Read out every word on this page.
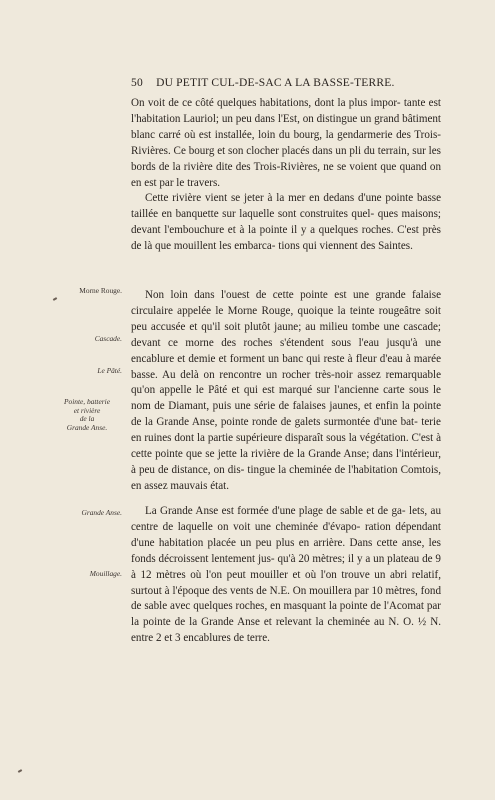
50 DU PETIT CUL-DE-SAC A LA BASSE-TERRE.

On voit de ce côté quelques habitations, dont la plus impor- tante est l'habitation Lauriol; un peu dans l'Est, on distingue un grand bâtiment blanc carré où est installée, loin du bourg, la gendarmerie des Trois-Rivières. Ce bourg et son clocher placés dans un pli du terrain, sur les bords de la rivière dite des Trois-Rivières, ne se voient que quand on en est par le travers.

Cette rivière vient se jeter à la mer en dedans d'une pointe basse taillée en banquette sur laquelle sont construites quel- ques maisons; devant l'embouchure et à la pointe il y a quelques roches. C'est près de là que mouillent les embarca- tions qui viennent des Saintes.

Non loin dans l'ouest de cette pointe est une grande falaise circulaire appelée le Morne Rouge, quoique la teinte rougeâtre soit peu accusée et qu'il soit plutôt jaune; au milieu tombe une cascade; devant ce morne des roches s'étendent sous l'eau jusqu'à une encablure et demie et forment un banc qui reste à fleur d'eau à marée basse. Au delà on rencontre un rocher très-noir assez remarquable qu'on appelle le Pâté et qui est marqué sur l'ancienne carte sous le nom de Diamant, puis une série de falaises jaunes, et enfin la pointe de la Grande Anse, pointe ronde de galets surmontée d'une bat- terie en ruines dont la partie supérieure disparaît sous la végétation. C'est à cette pointe que se jette la rivière de la Grande Anse; dans l'intérieur, à peu de distance, on dis- tingue la cheminée de l'habitation Comtois, en assez mauvais état.

La Grande Anse est formée d'une plage de sable et de ga- lets, au centre de laquelle on voit une cheminée d'évapo- ration dépendant d'une habitation placée un peu plus en arrière. Dans cette anse, les fonds décroissent lentement jus- qu'à 20 mètres; il y a un plateau de 9 à 12 mètres où l'on peut mouiller et où l'on trouve un abri relatif, surtout à l'époque des vents de N.E. On mouillera par 10 mètres, fond de sable avec quelques roches, en masquant la pointe de l'Acomat par la pointe de la Grande Anse et relevant la cheminée au N. O. ½ N. entre 2 et 3 encablures de terre.

Morne Rouge.
Cascade.
Le Pâté.
Pointe, batterie
et rivière
de la
Grande Anse.
Grande Anse.
Mouillage.
